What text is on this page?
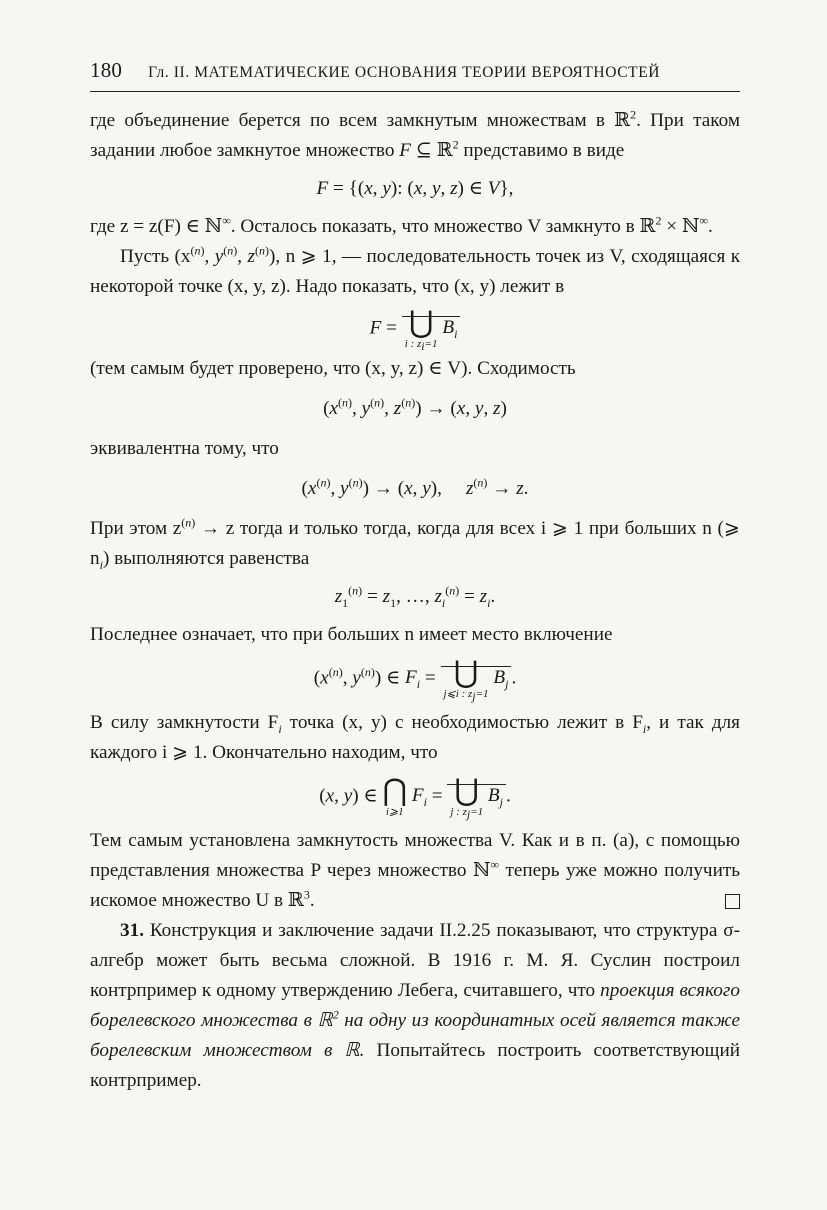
180 Гл. II. МАТЕМАТИЧЕСКИЕ ОСНОВАНИЯ ТЕОРИИ ВЕРОЯТНОСТЕЙ

где объединение берется по всем замкнутым множествам в ℝ$^2$. При таком задании любое замкнутое множество F ⊆ ℝ$^2$ представимо в виде

F = {(x, y): (x, y, z) ∈ V},

где z = z(F) ∈ ℕ∞. Осталось показать, что множество V замкнуто в ℝ$^2$ × ℕ∞.

Пусть ($x^{(n)}$, $y^{(n)}$, $z^{(n)}$), n ⩾ 1, — последовательность точек из V, сходящаяся к некоторой точке (x, y, z). Надо показать, что (x, y) лежит в

F = ⋃
i : $z_i=1$
$B_i$

(тем самым будет проверено, что (x, y, z) ∈ V). Сходимость

($x^{(n)}$, $y^{(n)}$, $z^{(n)}) \to (x$, y, z)

эквивалентна тому, что

($x^{(n)}$, $y^{(n)}) \to (x$, y),     $z^{(n)} \to z$.

При этом $z^{(n)} \to z$ тогда и только тогда, когда для всех i ⩾ 1 при больших n (⩾ $n_i$) выполняются равенства

$z_1^{(n)} = z_1$, …, $z_i^{(n)} = z_i$.

Последнее означает, что при больших n имеет место включение

($x^{(n)}$, $y^{(n)}$) ∈ $F_i$ = ⋃
j⩽i : $z_j=1$
$B_j$ .

В силу замкнутости $F_i$ точка (x, y) с необходимостью лежит в $F_i$, и так для каждого i ⩾ 1. Окончательно находим, что

(x, y) ∈ ⋂
i⩾1
$F_i$ = ⋃
j : $z_j=1$
$B_j$ .

Тем самым установлена замкнутость множества V. Как и в п. (а), с помощью представления множества P через множество ℕ∞ теперь уже можно получить искомое множество U в ℝ$^3$.

31. Конструкция и заключение задачи II.2.25 показывают, что структура σ-алгебр может быть весьма сложной. В 1916 г. М. Я. Суслин построил контрпример к одному утверждению Лебега, считавшего, что проекция всякого борелевского множества в ℝ$^2$ на одну из координатных осей является также борелевским множеством в ℝ. Попытайтесь построить соответствующий контрпример.
